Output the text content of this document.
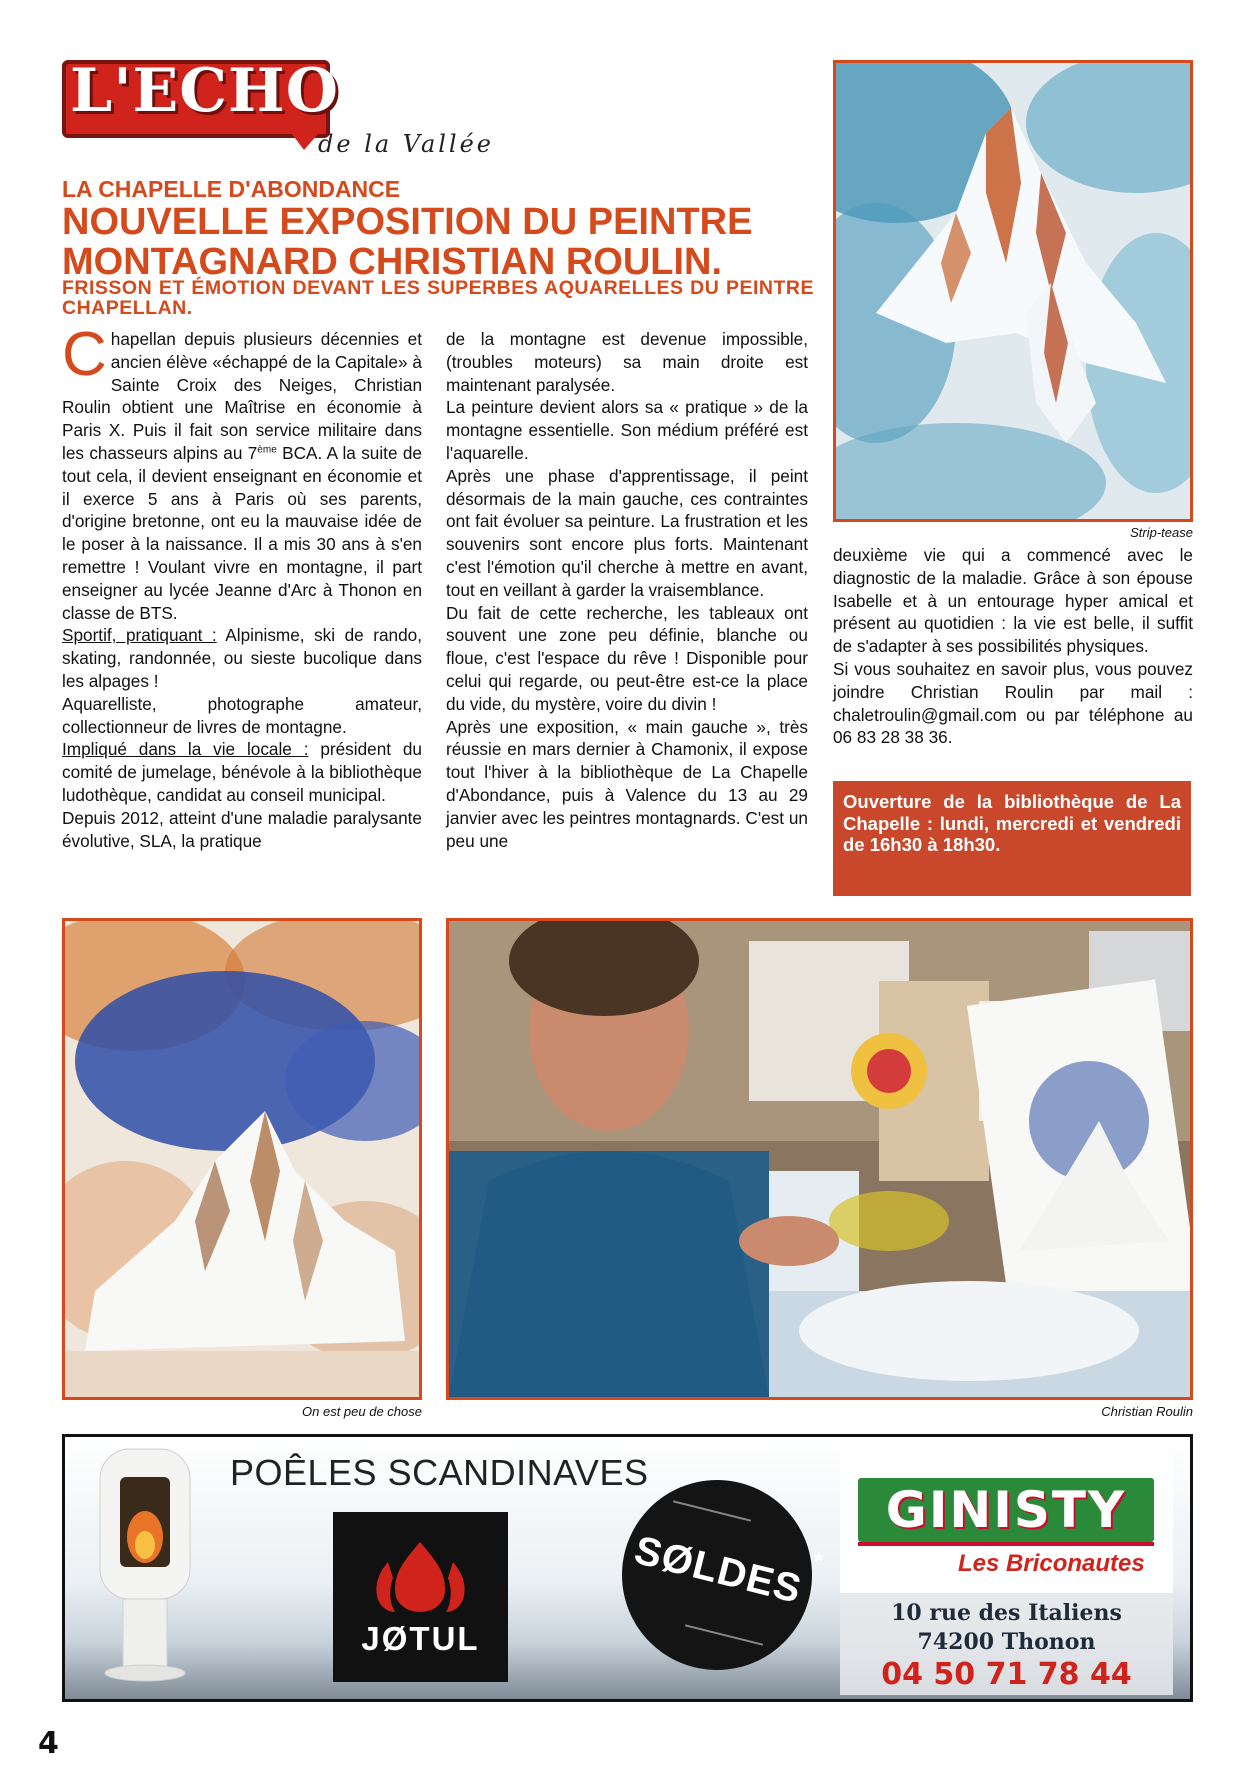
L'ECHO
de la Vallée
LA CHAPELLE D'ABONDANCE
NOUVELLE EXPOSITION DU PEINTRE MONTAGNARD CHRISTIAN ROULIN.
FRISSON ET ÉMOTION DEVANT LES SUPERBES AQUARELLES DU PEINTRE CHAPELLAN.

Chapellan depuis plusieurs décennies et ancien élève «échappé de la Capitale» à Sainte Croix des Neiges, Christian Roulin obtient une Maîtrise en économie à Paris X. Puis il fait son service militaire dans les chasseurs alpins au 7ème BCA. A la suite de tout cela, il devient enseignant en économie et il exerce 5 ans à Paris où ses parents, d'origine bretonne, ont eu la mauvaise idée de le poser à la naissance. Il a mis 30 ans à s'en remettre ! Voulant vivre en montagne, il part enseigner au lycée Jeanne d'Arc à Thonon en classe de BTS.

Sportif, pratiquant : Alpinisme, ski de rando, skating, randonnée, ou sieste bucolique dans les alpages !

Aquarelliste, photographe amateur, collectionneur de livres de montagne.

Impliqué dans la vie locale : président du comité de jumelage, bénévole à la bibliothèque ludothèque, candidat au conseil municipal.

Depuis 2012, atteint d'une maladie paralysante évolutive, SLA, la pratique

de la montagne est devenue impossible, (troubles moteurs) sa main droite est maintenant paralysée.

La peinture devient alors sa « pratique » de la montagne essentielle. Son médium préféré est l'aquarelle.

Après une phase d'apprentissage, il peint désormais de la main gauche, ces contraintes ont fait évoluer sa peinture. La frustration et les souvenirs sont encore plus forts. Maintenant c'est l'émotion qu'il cherche à mettre en avant, tout en veillant à garder la vraisemblance.

Du fait de cette recherche, les tableaux ont souvent une zone peu définie, blanche ou floue, c'est l'espace du rêve ! Disponible pour celui qui regarde, ou peut-être est-ce la place du vide, du mystère, voire du divin !

Après une exposition, « main gauche », très réussie en mars dernier à Chamonix, il expose tout l'hiver à la bibliothèque de La Chapelle d'Abondance, puis à Valence du 13 au 29 janvier avec les peintres montagnards. C'est un peu une

Strip-tease

deuxième vie qui a commencé avec le diagnostic de la maladie. Grâce à son épouse Isabelle et à un entourage hyper amical et présent au quotidien : la vie est belle, il suffit de s'adapter à ses possibilités physiques.

Si vous souhaitez en savoir plus, vous pouvez joindre Christian Roulin par mail : chaletroulin@gmail.com ou par téléphone au 06 83 28 38 36.

Ouverture de la bibliothèque de La Chapelle : lundi, mercredi et vendredi de 16h30 à 18h30.
On est peu de chose	Christian Roulin
POÊLES SCANDINAVES
JØTUL
SØLDES *
GINISTY
Les Briconautes
10 rue des Italiens
74200 Thonon
04 50 71 78 44
4
